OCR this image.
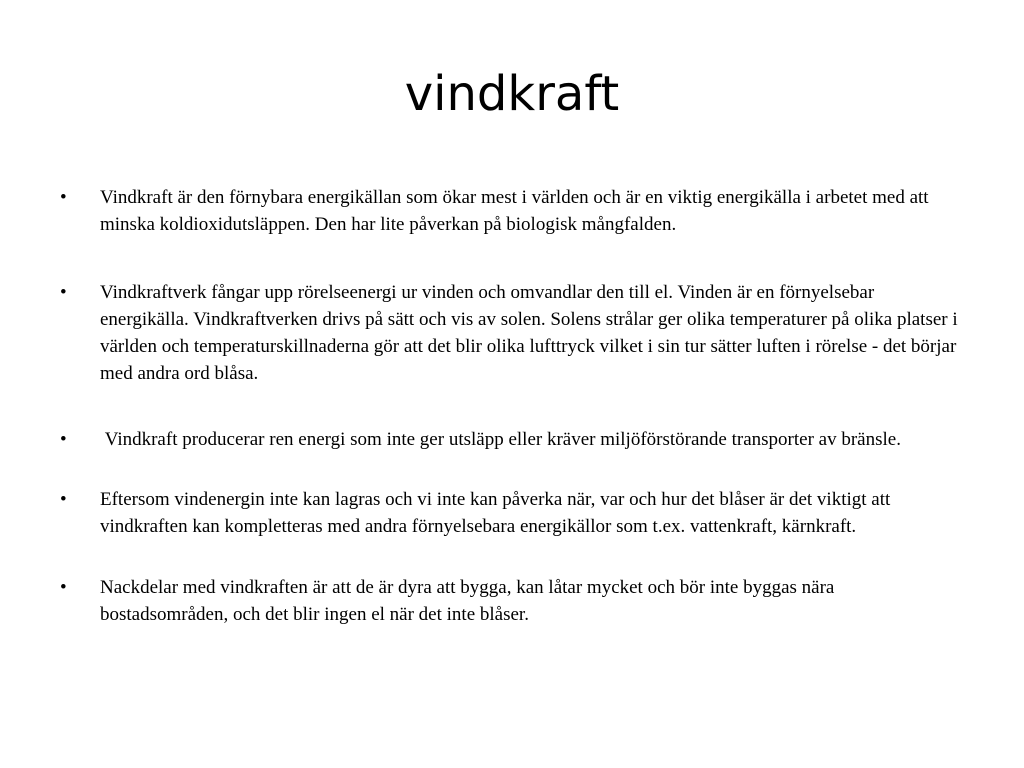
vindkraft
• Vindkraft är den förnybara energikällan som ökar mest i världen och är en viktig energikälla i arbetet med att minska koldioxidutsläppen. Den har lite påverkan på biologisk mångfalden.
• Vindkraftverk fångar upp rörelseenergi ur vinden och omvandlar den till el. Vinden är en förnyelsebar energikälla. Vindkraftverken drivs på sätt och vis av solen. Solens strålar ger olika temperaturer på olika platser i världen och temperaturskillnaderna gör att det blir olika lufttryck vilket i sin tur sätter luften i rörelse - det börjar med andra ord blåsa.
• Vindkraft producerar ren energi som inte ger utsläpp eller kräver miljöförstörande transporter av bränsle.
• Eftersom vindenergin inte kan lagras och vi inte kan påverka när, var och hur det blåser är det viktigt att vindkraften kan kompletteras med andra förnyelsebara energikällor som t.ex. vattenkraft, kärnkraft.
• Nackdelar med vindkraften är att de är dyra att bygga, kan låtar mycket och bör inte byggas nära bostadsområden, och det blir ingen el när det inte blåser.
